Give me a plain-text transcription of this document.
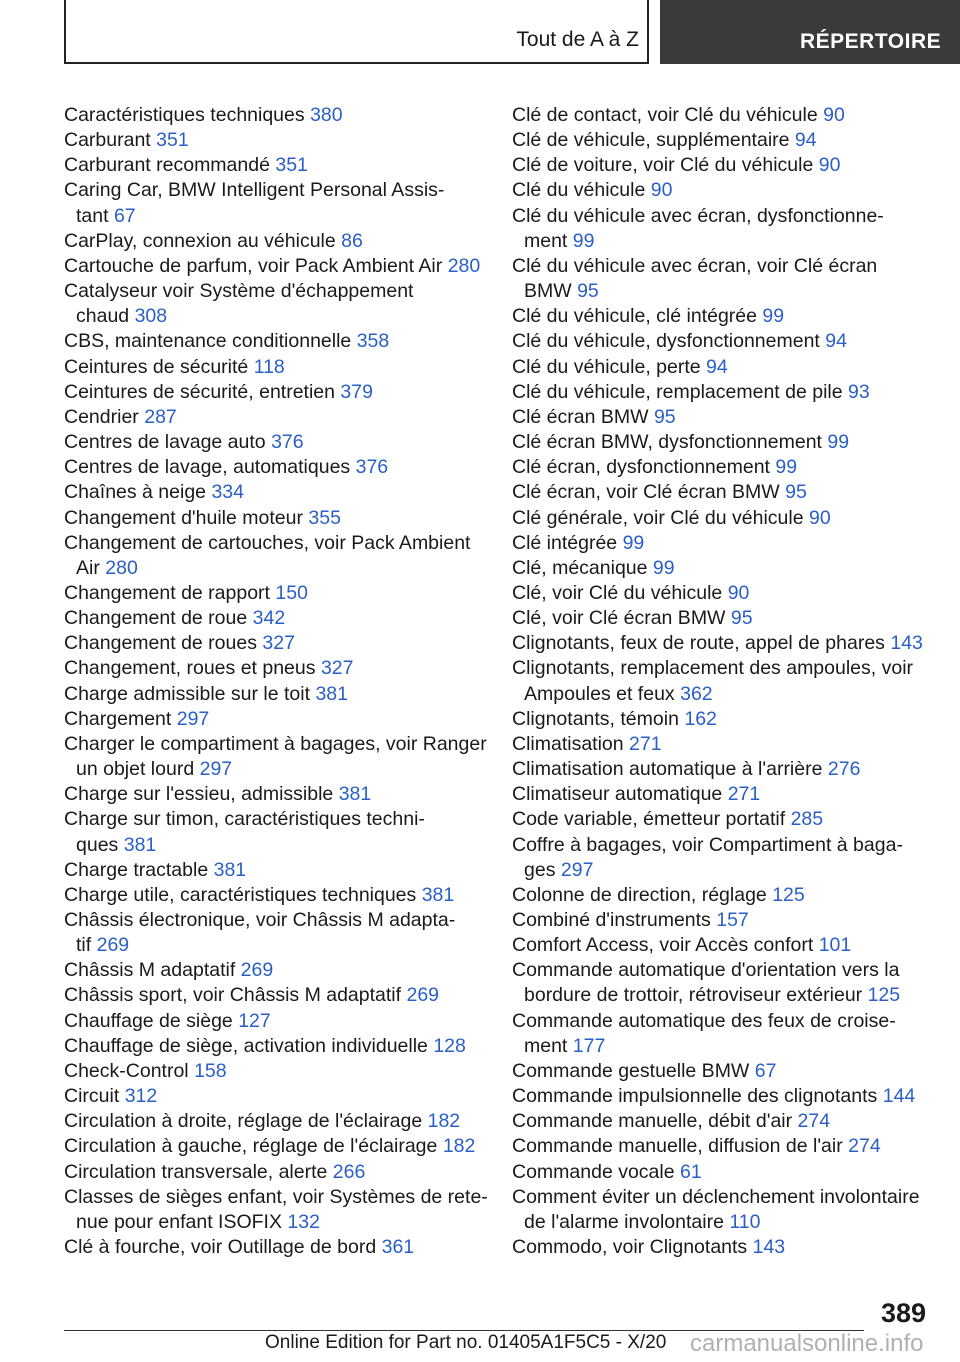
Tout de A à Z	RÉPERTOIRE
Caractéristiques techniques 380
Carburant 351
Carburant recommandé 351
Caring Car, BMW Intelligent Personal Assis-
tant 67
CarPlay, connexion au véhicule 86
Cartouche de parfum, voir Pack Ambient Air 280
Catalyseur voir Système d'échappement
chaud 308
CBS, maintenance conditionnelle 358
Ceintures de sécurité 118
Ceintures de sécurité, entretien 379
Cendrier 287
Centres de lavage auto 376
Centres de lavage, automatiques 376
Chaînes à neige 334
Changement d'huile moteur 355
Changement de cartouches, voir Pack Ambient
Air 280
Changement de rapport 150
Changement de roue 342
Changement de roues 327
Changement, roues et pneus 327
Charge admissible sur le toit 381
Chargement 297
Charger le compartiment à bagages, voir Ranger
un objet lourd 297
Charge sur l'essieu, admissible 381
Charge sur timon, caractéristiques techni-
ques 381
Charge tractable 381
Charge utile, caractéristiques techniques 381
Châssis électronique, voir Châssis M adapta-
tif 269
Châssis M adaptatif 269
Châssis sport, voir Châssis M adaptatif 269
Chauffage de siège 127
Chauffage de siège, activation individuelle 128
Check-Control 158
Circuit 312
Circulation à droite, réglage de l'éclairage 182
Circulation à gauche, réglage de l'éclairage 182
Circulation transversale, alerte 266
Classes de sièges enfant, voir Systèmes de rete-
nue pour enfant ISOFIX 132
Clé à fourche, voir Outillage de bord 361
Clé de contact, voir Clé du véhicule 90
Clé de véhicule, supplémentaire 94
Clé de voiture, voir Clé du véhicule 90
Clé du véhicule 90
Clé du véhicule avec écran, dysfonctionne-
ment 99
Clé du véhicule avec écran, voir Clé écran
BMW 95
Clé du véhicule, clé intégrée 99
Clé du véhicule, dysfonctionnement 94
Clé du véhicule, perte 94
Clé du véhicule, remplacement de pile 93
Clé écran BMW 95
Clé écran BMW, dysfonctionnement 99
Clé écran, dysfonctionnement 99
Clé écran, voir Clé écran BMW 95
Clé générale, voir Clé du véhicule 90
Clé intégrée 99
Clé, mécanique 99
Clé, voir Clé du véhicule 90
Clé, voir Clé écran BMW 95
Clignotants, feux de route, appel de phares 143
Clignotants, remplacement des ampoules, voir
Ampoules et feux 362
Clignotants, témoin 162
Climatisation 271
Climatisation automatique à l'arrière 276
Climatiseur automatique 271
Code variable, émetteur portatif 285
Coffre à bagages, voir Compartiment à baga-
ges 297
Colonne de direction, réglage 125
Combiné d'instruments 157
Comfort Access, voir Accès confort 101
Commande automatique d'orientation vers la
bordure de trottoir, rétroviseur extérieur 125
Commande automatique des feux de croise-
ment 177
Commande gestuelle BMW 67
Commande impulsionnelle des clignotants 144
Commande manuelle, débit d'air 274
Commande manuelle, diffusion de l'air 274
Commande vocale 61
Comment éviter un déclenchement involontaire
de l'alarme involontaire 110
Commodo, voir Clignotants 143
389
Online Edition for Part no. 01405A1F5C5 - X/20 carmanualsonline.info
